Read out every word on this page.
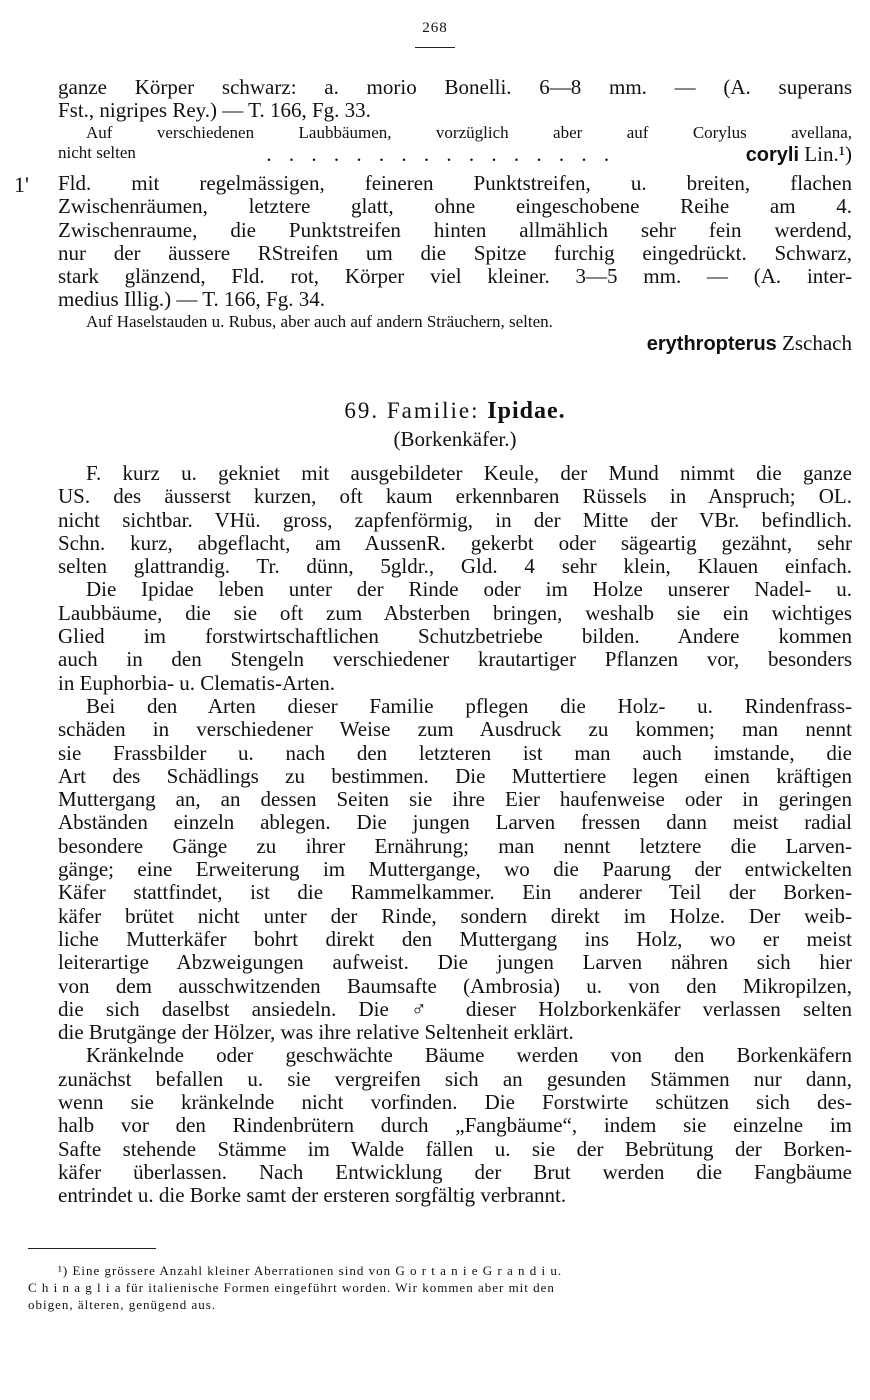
268
ganze Körper schwarz: a. morio Bonelli. 6—8 mm. — (A. superans
Fst., nigripes Rey.) — T. 166, Fg. 33.
Auf verschiedenen Laubbäumen, vorzüglich aber auf Corylus avellana,
nicht selten	. . . . . . . . . . . . . . . .	coryli Lin.¹)
1' Fld. mit regelmässigen, feineren Punktstreifen, u. breiten, flachen
Zwischenräumen, letztere glatt, ohne eingeschobene Reihe am 4.
Zwischenraume, die Punktstreifen hinten allmählich sehr fein werdend,
nur der äussere RStreifen um die Spitze furchig eingedrückt. Schwarz,
stark glänzend, Fld. rot, Körper viel kleiner. 3—5 mm. — (A. inter-
medius Illig.) — T. 166, Fg. 34.
Auf Haselstauden u. Rubus, aber auch auf andern Sträuchern, selten.
erythropterus Zschach
69. Familie: Ipidae.
(Borkenkäfer.)
F. kurz u. gekniet mit ausgebildeter Keule, der Mund nimmt die ganze
US. des äusserst kurzen, oft kaum erkennbaren Rüssels in Anspruch; OL.
nicht sichtbar. VHü. gross, zapfenförmig, in der Mitte der VBr. befindlich.
Schn. kurz, abgeflacht, am AussenR. gekerbt oder sägeartig gezähnt, sehr
selten glattrandig. Tr. dünn, 5gldr., Gld. 4 sehr klein, Klauen einfach.
Die Ipidae leben unter der Rinde oder im Holze unserer Nadel- u.
Laubbäume, die sie oft zum Absterben bringen, weshalb sie ein wichtiges
Glied im forstwirtschaftlichen Schutzbetriebe bilden. Andere kommen
auch in den Stengeln verschiedener krautartiger Pflanzen vor, besonders
in Euphorbia- u. Clematis-Arten.
Bei den Arten dieser Familie pflegen die Holz- u. Rindenfrass-
schäden in verschiedener Weise zum Ausdruck zu kommen; man nennt
sie Frassbilder u. nach den letzteren ist man auch imstande, die
Art des Schädlings zu bestimmen. Die Muttertiere legen einen kräftigen
Muttergang an, an dessen Seiten sie ihre Eier haufenweise oder in geringen
Abständen einzeln ablegen. Die jungen Larven fressen dann meist radial
besondere Gänge zu ihrer Ernährung; man nennt letztere die Larven-
gänge; eine Erweiterung im Muttergange, wo die Paarung der entwickelten
Käfer stattfindet, ist die Rammelkammer. Ein anderer Teil der Borken-
käfer brütet nicht unter der Rinde, sondern direkt im Holze. Der weib-
liche Mutterkäfer bohrt direkt den Muttergang ins Holz, wo er meist
leiterartige Abzweigungen aufweist. Die jungen Larven nähren sich hier
von dem ausschwitzenden Baumsafte (Ambrosia) u. von den Mikropilzen,
die sich daselbst ansiedeln. Die ♂ dieser Holzborkenkäfer verlassen selten
die Brutgänge der Hölzer, was ihre relative Seltenheit erklärt.
Kränkelnde oder geschwächte Bäume werden von den Borkenkäfern
zunächst befallen u. sie vergreifen sich an gesunden Stämmen nur dann,
wenn sie kränkelnde nicht vorfinden. Die Forstwirte schützen sich des-
halb vor den Rindenbrütern durch „Fangbäume“, indem sie einzelne im
Safte stehende Stämme im Walde fällen u. sie der Bebrütung der Borken-
käfer überlassen. Nach Entwicklung der Brut werden die Fangbäume
entrindet u. die Borke samt der ersteren sorgfältig verbrannt.
¹) Eine grössere Anzahl kleiner Aberrationen sind von G o r t a n i e G r a n d i u.
C h i n a g l i a für italienische Formen eingeführt worden. Wir kommen aber mit den
obigen, älteren, genügend aus.
